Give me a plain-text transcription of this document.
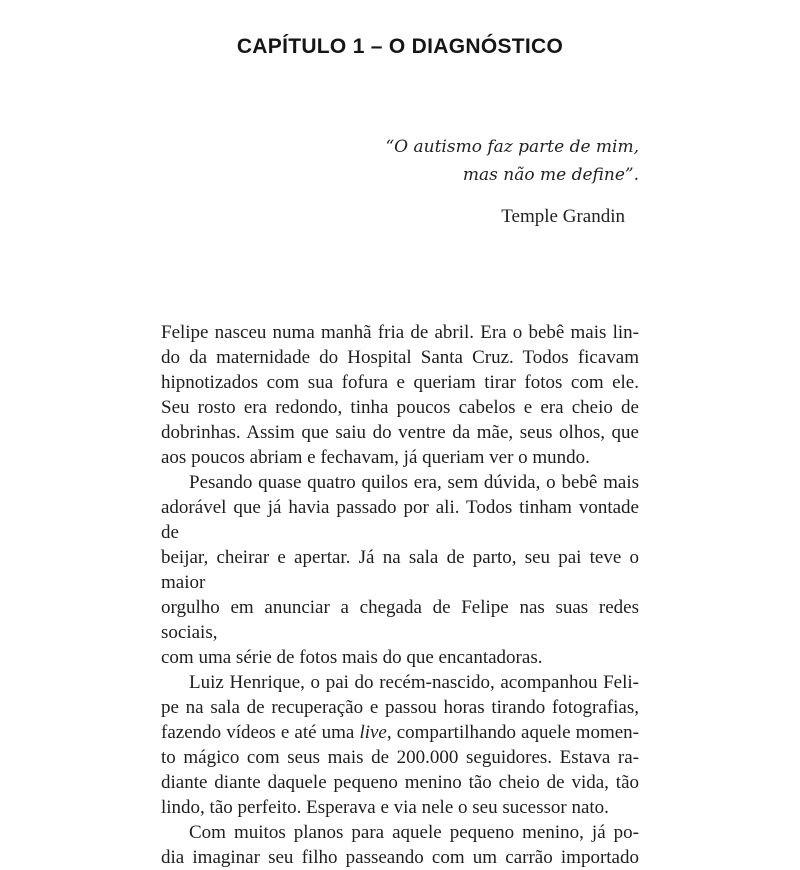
CAPÍTULO 1 – O DIAGNÓSTICO
“O autismo faz parte de mim,
mas não me define”.
Temple Grandin
Felipe nasceu numa manhã fria de abril. Era o bebê mais lin-
do da maternidade do Hospital Santa Cruz. Todos ficavam
hipnotizados com sua fofura e queriam tirar fotos com ele.
Seu rosto era redondo, tinha poucos cabelos e era cheio de
dobrinhas. Assim que saiu do ventre da mãe, seus olhos, que
aos poucos abriam e fechavam, já queriam ver o mundo.
Pesando quase quatro quilos era, sem dúvida, o bebê mais
adorável que já havia passado por ali. Todos tinham vontade de
beijar, cheirar e apertar. Já na sala de parto, seu pai teve o maior
orgulho em anunciar a chegada de Felipe nas suas redes sociais,
com uma série de fotos mais do que encantadoras.
Luiz Henrique, o pai do recém-nascido, acompanhou Feli-
pe na sala de recuperação e passou horas tirando fotografias,
fazendo vídeos e até uma live, compartilhando aquele momen-
to mágico com seus mais de 200.000 seguidores. Estava ra-
diante diante daquele pequeno menino tão cheio de vida, tão
lindo, tão perfeito. Esperava e via nele o seu sucessor nato.
Com muitos planos para aquele pequeno menino, já po-
dia imaginar seu filho passeando com um carrão importado
